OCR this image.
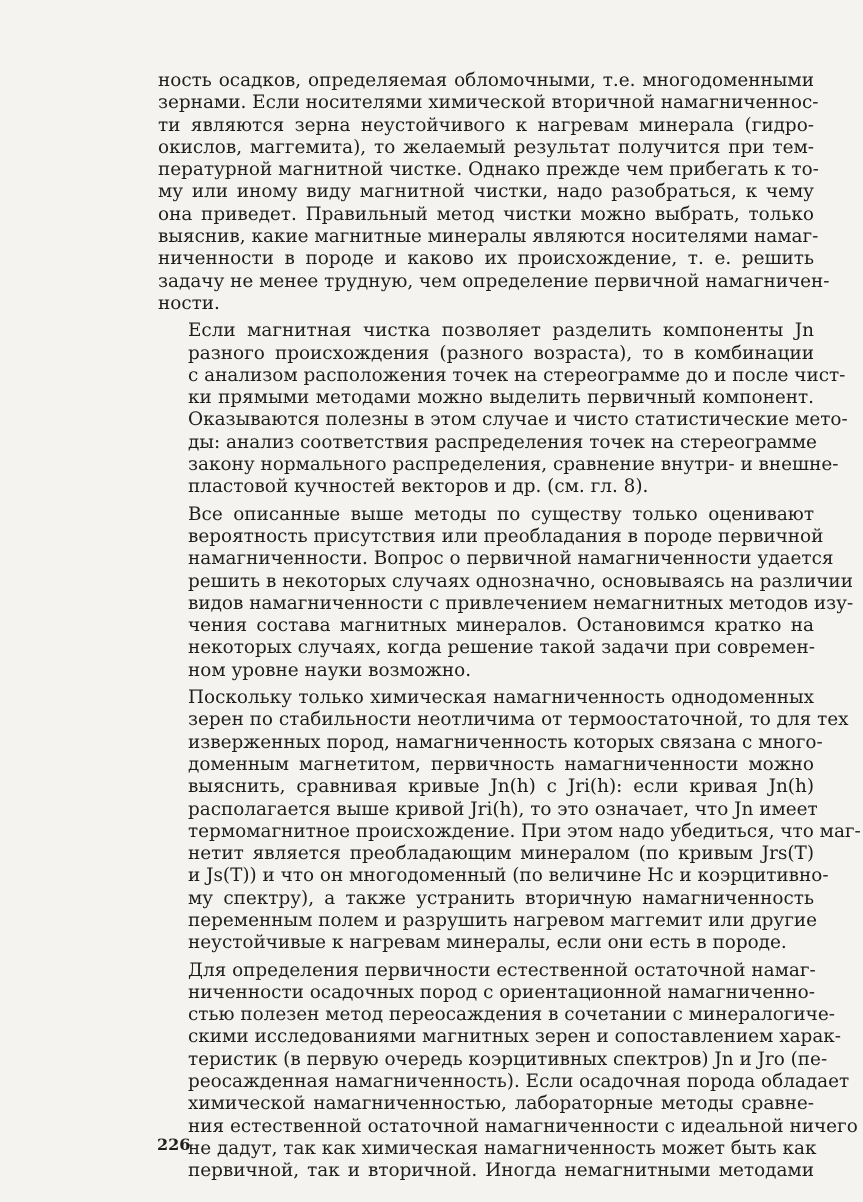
ность осадков, определяемая обломочными, т.е. многодоменными
зернами. Если носителями химической вторичной намагниченнос-
ти являются зерна неустойчивого к нагревам минерала (гидро-
окислов, маггемита), то желаемый результат получится при тем-
пературной магнитной чистке. Однако прежде чем прибегать к то-
му или иному виду магнитной чистки, надо разобраться, к чему
она приведет. Правильный метод чистки можно выбрать, только
выяснив, какие магнитные минералы являются носителями намаг-
ниченности в породе и каково их происхождение, т. е. решить
задачу не менее трудную, чем определение первичной намагничен-
ности.

Если магнитная чистка позволяет разделить компоненты Jn
разного происхождения (разного возраста), то в комбинации
с анализом расположения точек на стереограмме до и после чист-
ки прямыми методами можно выделить первичный компонент.
Оказываются полезны в этом случае и чисто статистические мето-
ды: анализ соответствия распределения точек на стереограмме
закону нормального распределения, сравнение внутри- и внешне-
пластовой кучностей векторов и др. (см. гл. 8).

Все описанные выше методы по существу только оценивают
вероятность присутствия или преобладания в породе первичной
намагниченности. Вопрос о первичной намагниченности удается
решить в некоторых случаях однозначно, основываясь на различии
видов намагниченности с привлечением немагнитных методов изу-
чения состава магнитных минералов. Остановимся кратко на
некоторых случаях, когда решение такой задачи при современ-
ном уровне науки возможно.

Поскольку только химическая намагниченность однодоменных
зерен по стабильности неотличима от термоостаточной, то для тех
изверженных пород, намагниченность которых связана с много-
доменным магнетитом, первичность намагниченности можно
выяснить, сравнивая кривые Jn(h) с Jri(h): если кривая Jn(h)
располагается выше кривой Jri(h), то это означает, что Jn имеет
термомагнитное происхождение. При этом надо убедиться, что маг-
нетит является преобладающим минералом (по кривым Jrs(T)
и Js(T)) и что он многодоменный (по величине Hc и коэрцитивно-
му спектру), а также устранить вторичную намагниченность
переменным полем и разрушить нагревом маггемит или другие
неустойчивые к нагревам минералы, если они есть в породе.

Для определения первичности естественной остаточной намаг-
ниченности осадочных пород с ориентационной намагниченно-
стью полезен метод переосаждения в сочетании с минералогиче-
скими исследованиями магнитных зерен и сопоставлением харак-
теристик (в первую очередь коэрцитивных спектров) Jn и Jro (пе-
реосажденная намагниченность). Если осадочная порода обладает
химической намагниченностью, лабораторные методы сравне-
ния естественной остаточной намагниченности с идеальной ничего
не дадут, так как химическая намагниченность может быть как
первичной, так и вторичной. Иногда немагнитными методами

226
